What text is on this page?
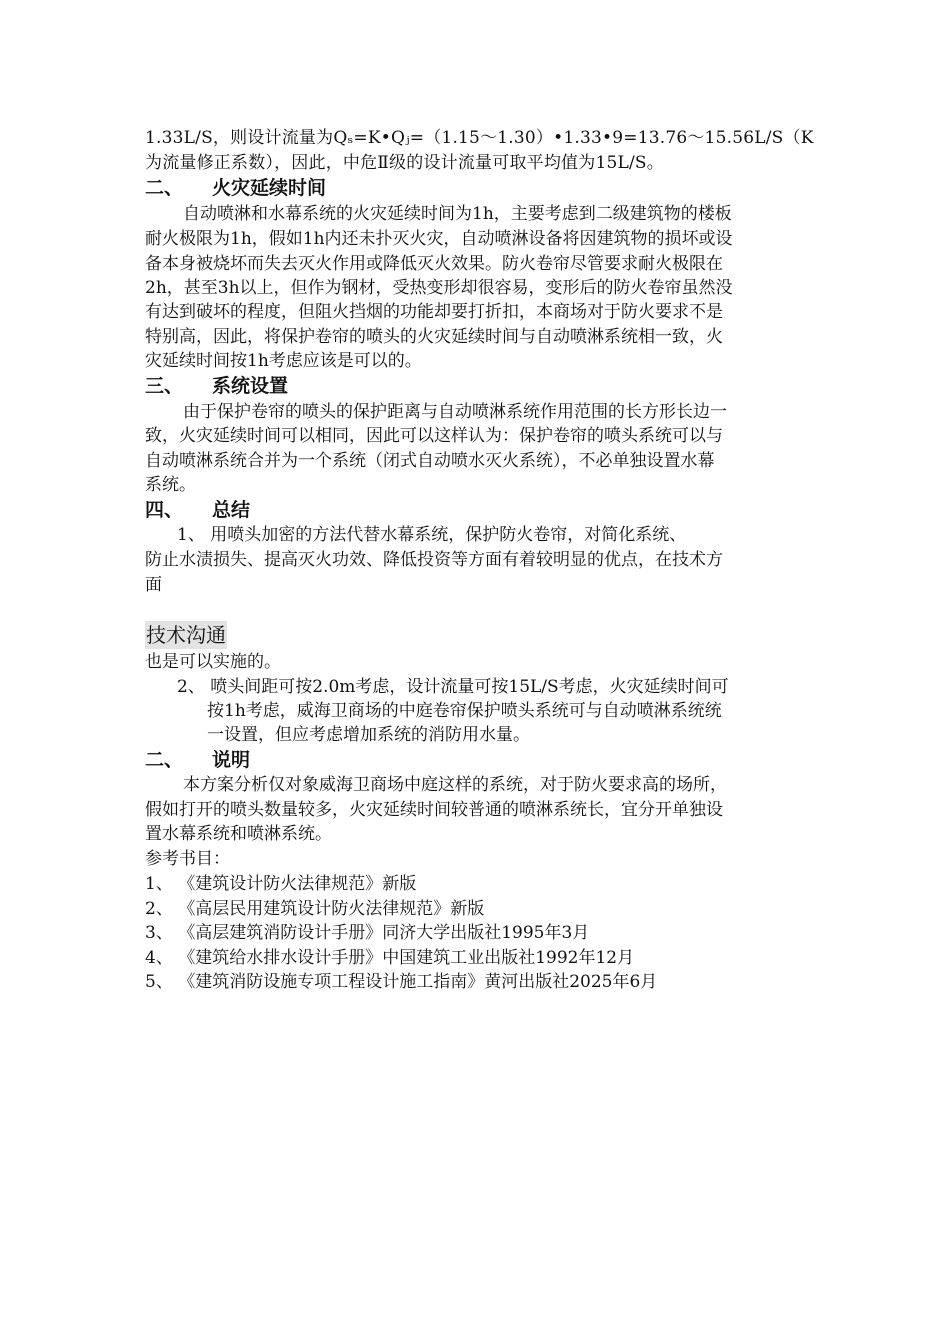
1.33L/S，则设计流量为Qₛ=K•Qⱼ=（1.15～1.30）•1.33•9=13.76～15.56L/S（K
为流量修正系数），因此，中危Ⅱ级的设计流量可取平均值为15L/S。
二、 火灾延续时间
自动喷淋和水幕系统的火灾延续时间为1h，主要考虑到二级建筑物的楼板
耐火极限为1h，假如1h内还未扑灭火灾，自动喷淋设备将因建筑物的损坏或设
备本身被烧坏而失去灭火作用或降低灭火效果。防火卷帘尽管要求耐火极限在
2h，甚至3h以上，但作为钢材，受热变形却很容易，变形后的防火卷帘虽然没
有达到破坏的程度，但阻火挡烟的功能却要打折扣，本商场对于防火要求不是
特别高，因此，将保护卷帘的喷头的火灾延续时间与自动喷淋系统相一致，火
灾延续时间按1h考虑应该是可以的。
三、 系统设置
由于保护卷帘的喷头的保护距离与自动喷淋系统作用范围的长方形长边一
致，火灾延续时间可以相同，因此可以这样认为：保护卷帘的喷头系统可以与
自动喷淋系统合并为一个系统（闭式自动喷水灭火系统），不必单独设置水幕
系统。
四、 总结
1、 用喷头加密的方法代替水幕系统，保护防火卷帘，对简化系统、
防止水渍损失、提高灭火功效、降低投资等方面有着较明显的优点，在技术方
面
技术沟通
也是可以实施的。
2、 喷头间距可按2.0m考虑，设计流量可按15L/S考虑，火灾延续时间可
按1h考虑，威海卫商场的中庭卷帘保护喷头系统可与自动喷淋系统统
一设置，但应考虑增加系统的消防用水量。
二、 说明
本方案分析仅对象威海卫商场中庭这样的系统，对于防火要求高的场所，
假如打开的喷头数量较多，火灾延续时间较普通的喷淋系统长，宜分开单独设
置水幕系统和喷淋系统。
参考书目：
1、 《建筑设计防火法律规范》新版
2、 《高层民用建筑设计防火法律规范》新版
3、 《高层建筑消防设计手册》同济大学出版社1995年3月
4、 《建筑给水排水设计手册》中国建筑工业出版社1992年12月
5、 《建筑消防设施专项工程设计施工指南》黄河出版社2025年6月
